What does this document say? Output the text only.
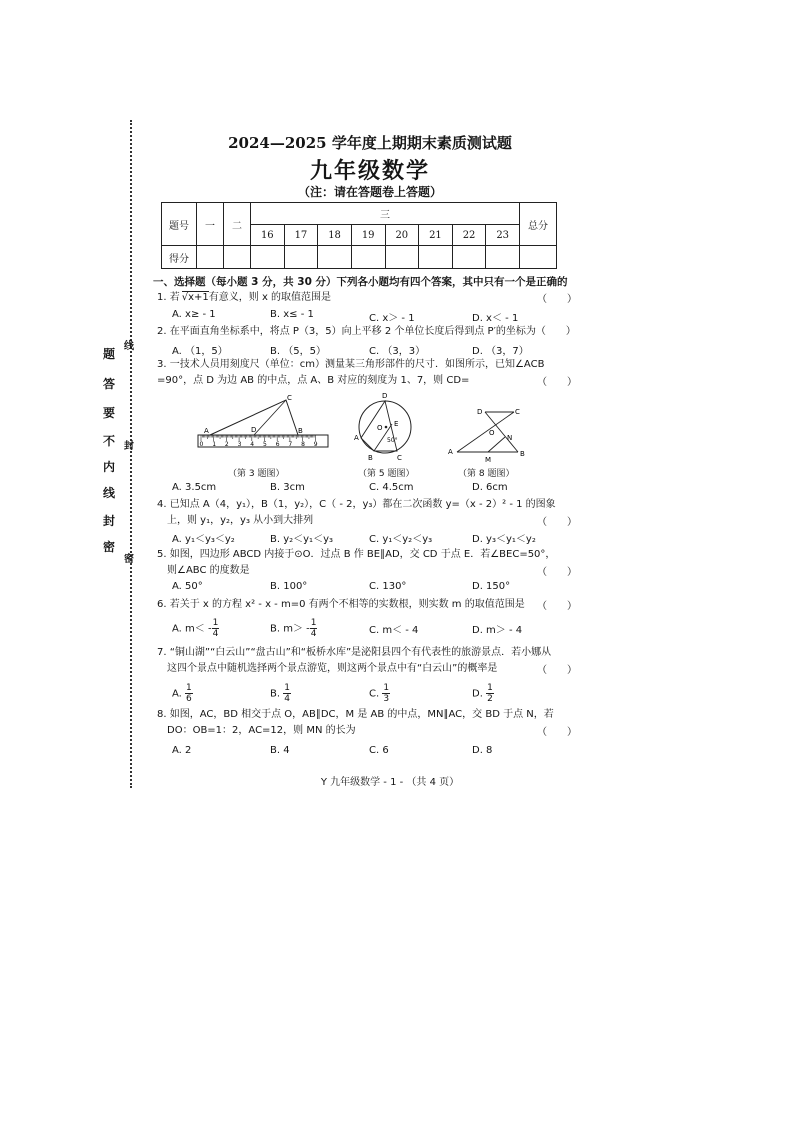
题
答
要
不
内
线
封
密
线
封
密
2024—2025 学年度上期期末素质测试题
九年级数学
（注：请在答题卷上答题）
题号	一	二	三								总分
			16	17	18	19	20	21	22	23	
得分											
一、选择题（每小题 3 分，共 30 分）下列各小题均有四个答案，其中只有一个是正确的
1. 若 √x+1有意义，则 x 的取值范围是	（　　）
A. x≥ - 1	B. x≤ - 1	C. x＞ - 1	D. x＜ - 1
2. 在平面直角坐标系中，将点 P（3，5）向上平移 2 个单位长度后得到点 P′的坐标为（　　）
A. （1，5）	B. （5，5）	C. （3，3）	D. （3，7）
3. 一技术人员用刻度尺（单位：cm）测量某三角形部件的尺寸．如图所示，已知∠ACB
=90°，点 D 为边 AB 的中点，点 A、B 对应的刻度为 1、7，则 CD=	（　　）
A	B
C
D
0 1 2 3 4 5 6 7 8 9
（第 3 题图）
D
A
B	C
E
O
50°
（第 5 题图）
D	C
A	B
M
N
O
（第 8 题图）
A. 3.5cm	B. 3cm	C. 4.5cm	D. 6cm
4. 已知点 A（4，y₁），B（1，y₂），C（ - 2，y₃）都在二次函数 y=（x - 2）² - 1 的图象
上，则 y₁，y₂，y₃ 从小到大排列	（　　）
A. y₁＜y₃＜y₂	B. y₂＜y₁＜y₃	C. y₁＜y₂＜y₃	D. y₃＜y₁＜y₂
5. 如图，四边形 ABCD 内接于⊙O．过点 B 作 BE∥AD，交 CD 于点 E．若∠BEC=50°，
则∠ABC 的度数是	（　　）
A. 50°	B. 100°	C. 130°	D. 150°
6. 若关于 x 的方程 x² - x - m=0 有两个不相等的实数根，则实数 m 的取值范围是	（　　）
A. $m< - \frac{1}{4}$	B. $m> - \frac{1}{4}$	C. m＜ - 4	D. m＞ - 4
7. “铜山湖”“白云山”“盘古山”和“板桥水库”是泌阳县四个有代表性的旅游景点．若小娜从
这四个景点中随机选择两个景点游览，则这两个景点中有“白云山”的概率是	（　　）
A. $\frac{1}{6}$	B. $\frac{1}{4}$	C. $\frac{1}{3}$	D. $\frac{1}{2}$
8. 如图，AC，BD 相交于点 O，AB∥DC，M 是 AB 的中点，MN∥AC，交 BD 于点 N，若
DO：OB=1：2，AC=12，则 MN 的长为	（　　）
A. 2	B. 4	C. 6	D. 8
Y 九年级数学 - 1 - （共 4 页）
